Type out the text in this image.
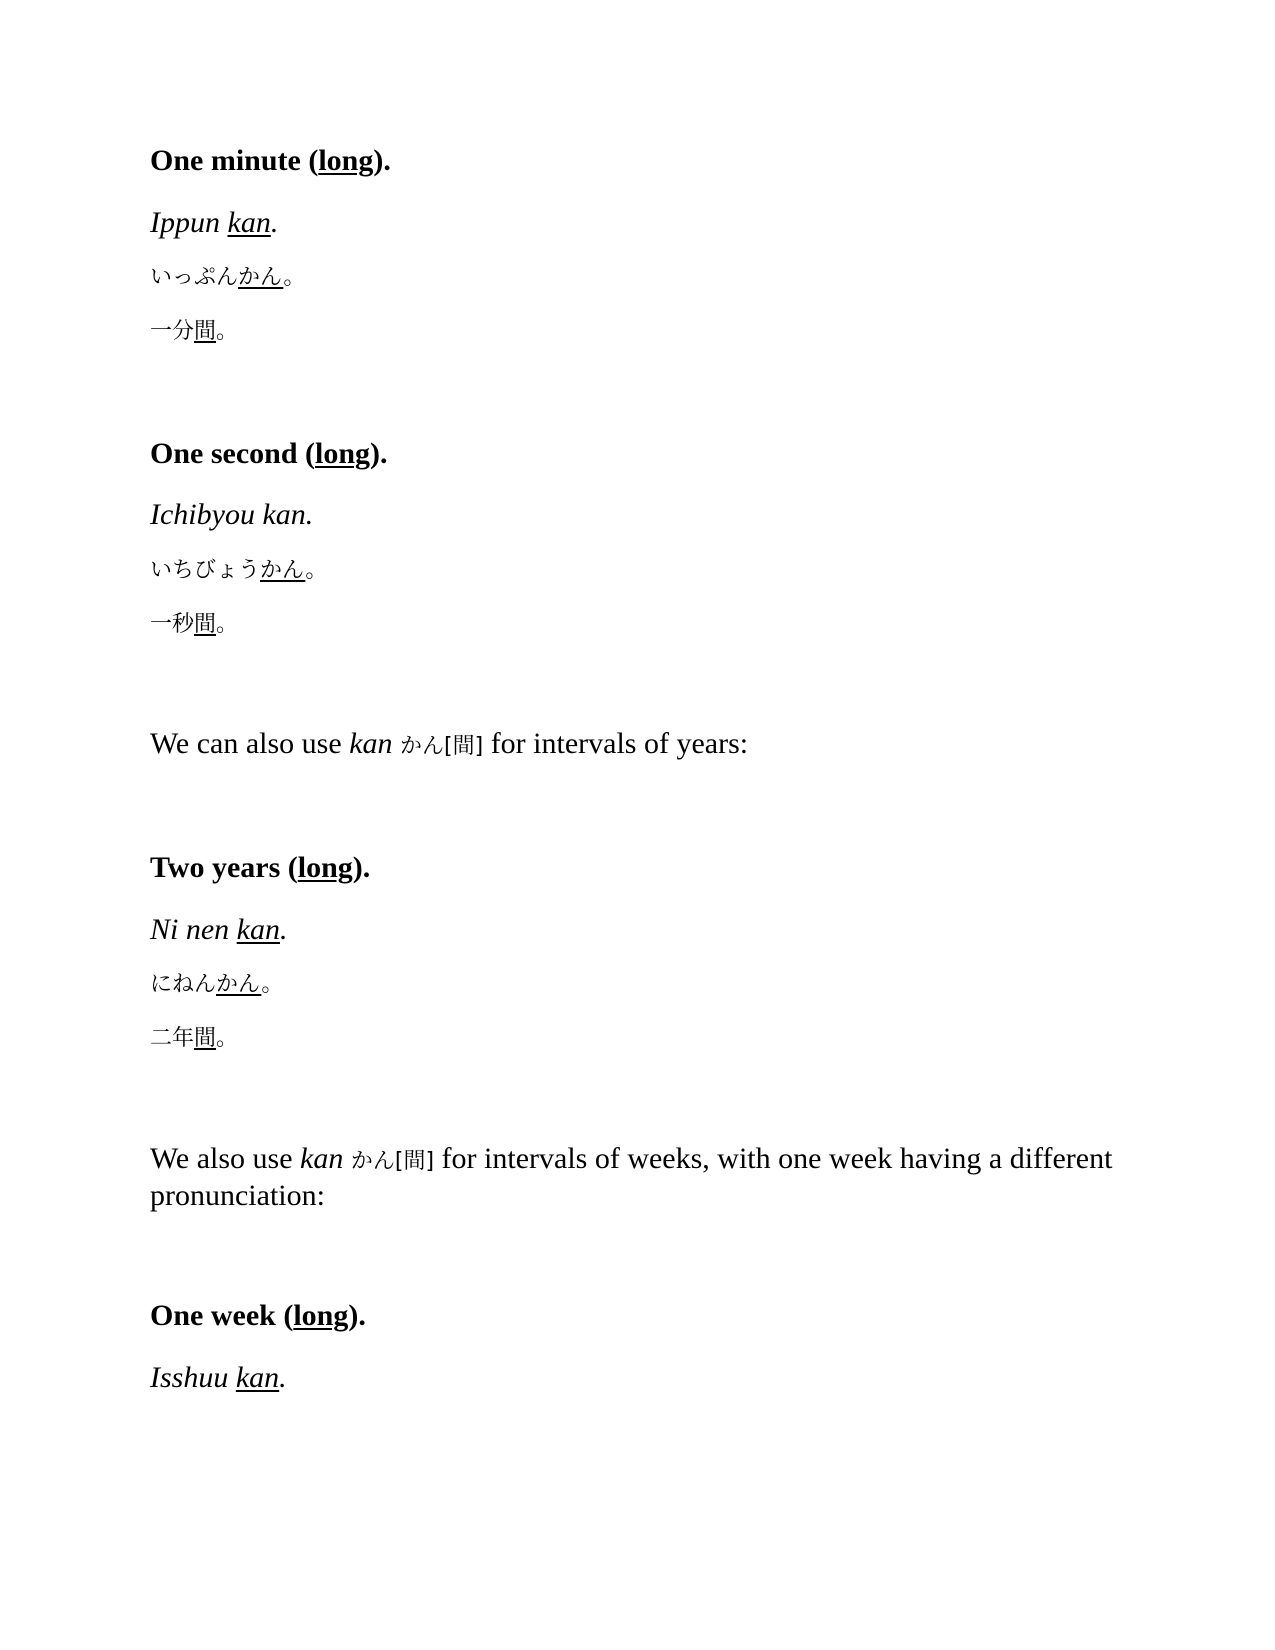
One minute (long).

Ippun kan.

いっぷんかん。

一分間。

One second (long).

Ichibyou kan.

いちびょうかん。

一秒間。

We can also use kan かん[間] for intervals of years:

Two years (long).

Ni nen kan.

にねんかん。

二年間。

We also use kan かん[間] for intervals of weeks, with one week having a different pronunciation:

One week (long).

Isshuu kan.
